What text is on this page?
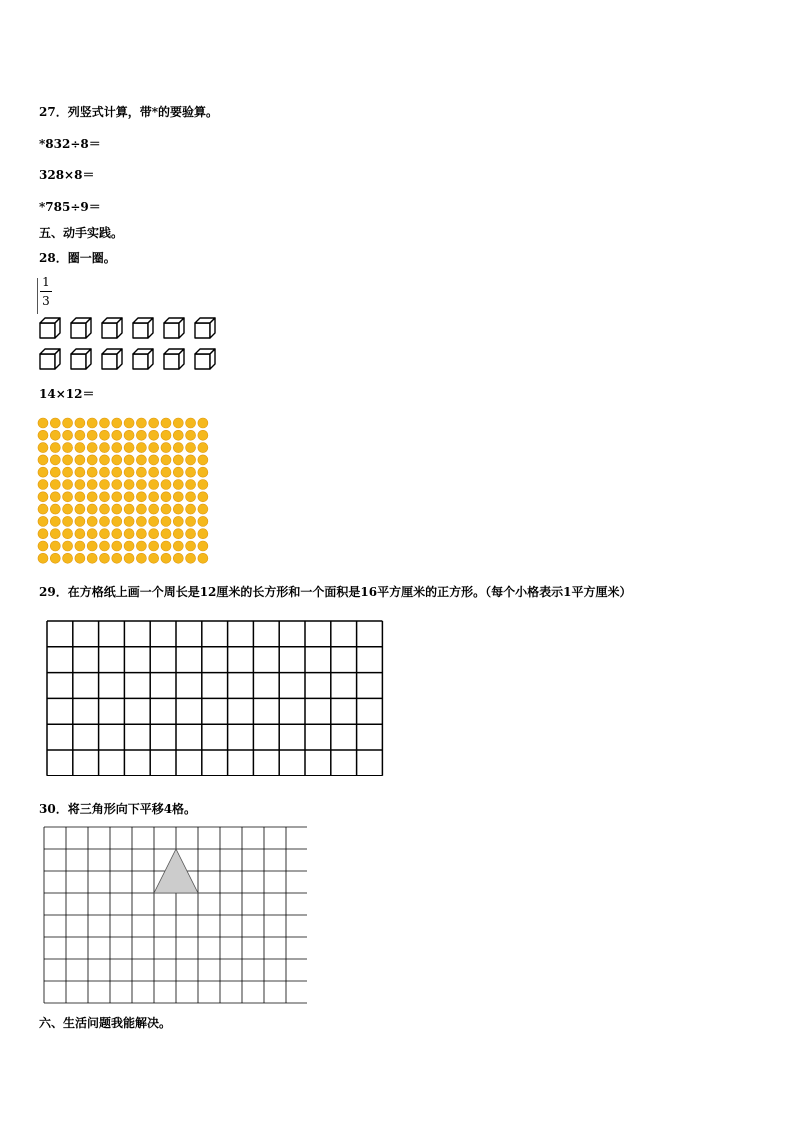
27．列竖式计算，带*的要验算。
*832÷8＝
328×8＝
*785÷9＝
五、动手实践。
28．圈一圈。
1
3
14×12＝
29．在方格纸上画一个周长是12厘米的长方形和一个面积是16平方厘米的正方形。（每个小格表示1平方厘米）
30．将三角形向下平移4格。
六、生活问题我能解决。
